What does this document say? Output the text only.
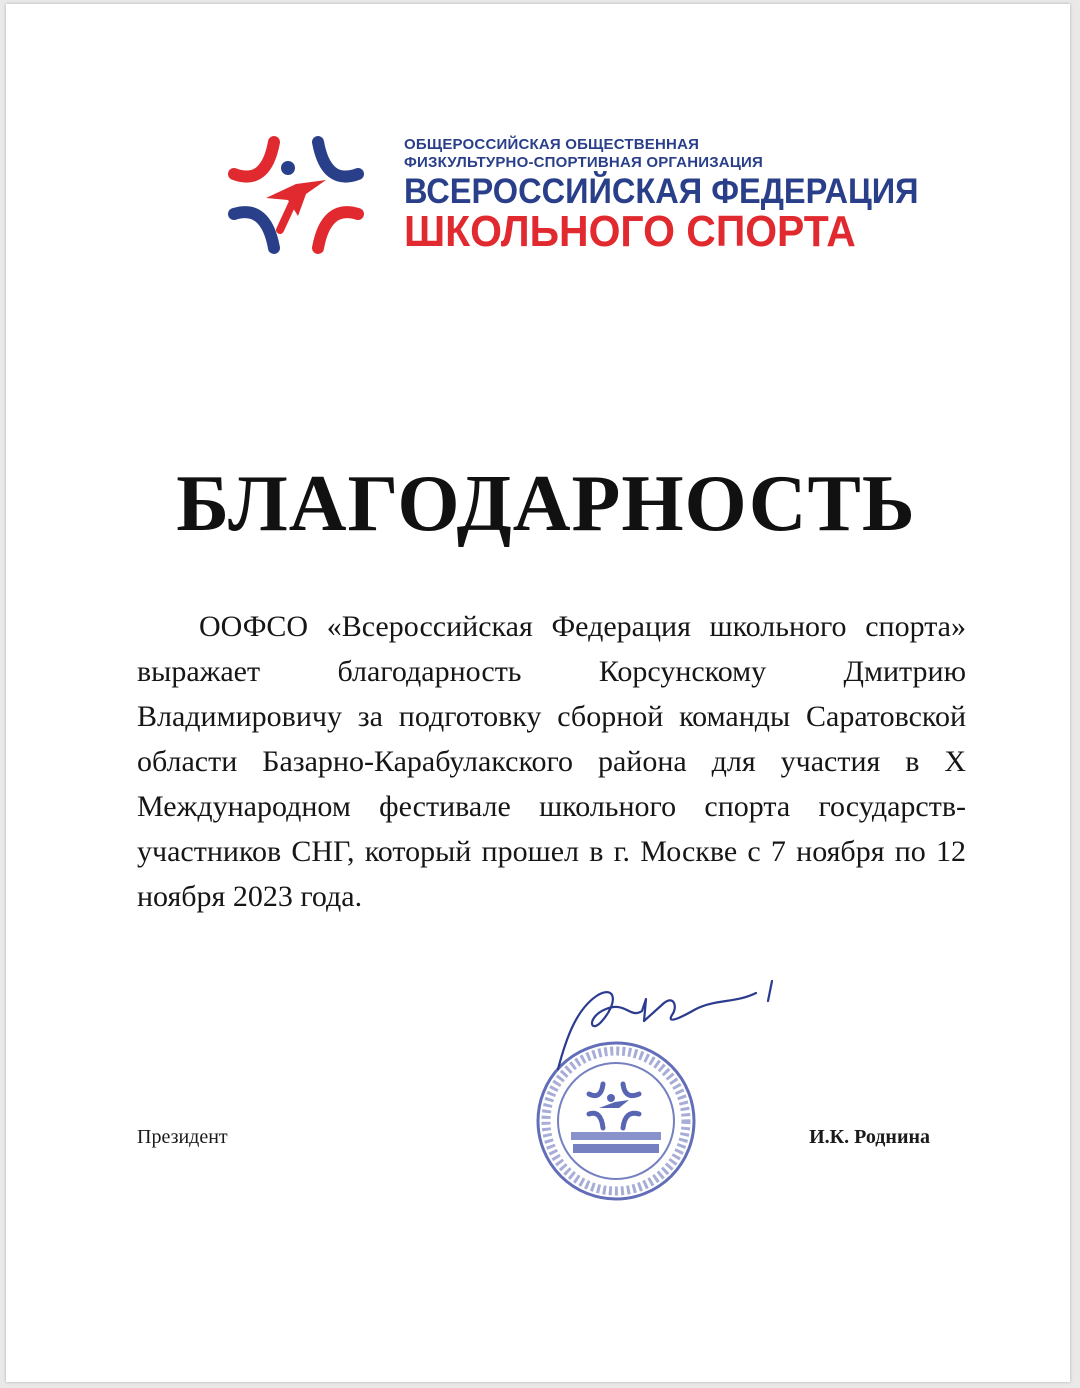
ОБЩЕРОССИЙСКАЯ ОБЩЕСТВЕННАЯ
ФИЗКУЛЬТУРНО-СПОРТИВНАЯ ОРГАНИЗАЦИЯ
ВСЕРОССИЙСКАЯ ФЕДЕРАЦИЯ
ШКОЛЬНОГО СПОРТА
БЛАГОДАРНОСТЬ
ООФСО «Всероссийская Федерация школьного спорта» выражает благодарность Корсунскому Дмитрию Владимировичу за подготовку сборной команды Саратовской области Базарно-Карабулакского района для участия в X Международном фестивале школьного спорта государств-участников СНГ, который прошел в г. Москве с 7 ноября по 12 ноября 2023 года.
Президент	И.К. Роднина
